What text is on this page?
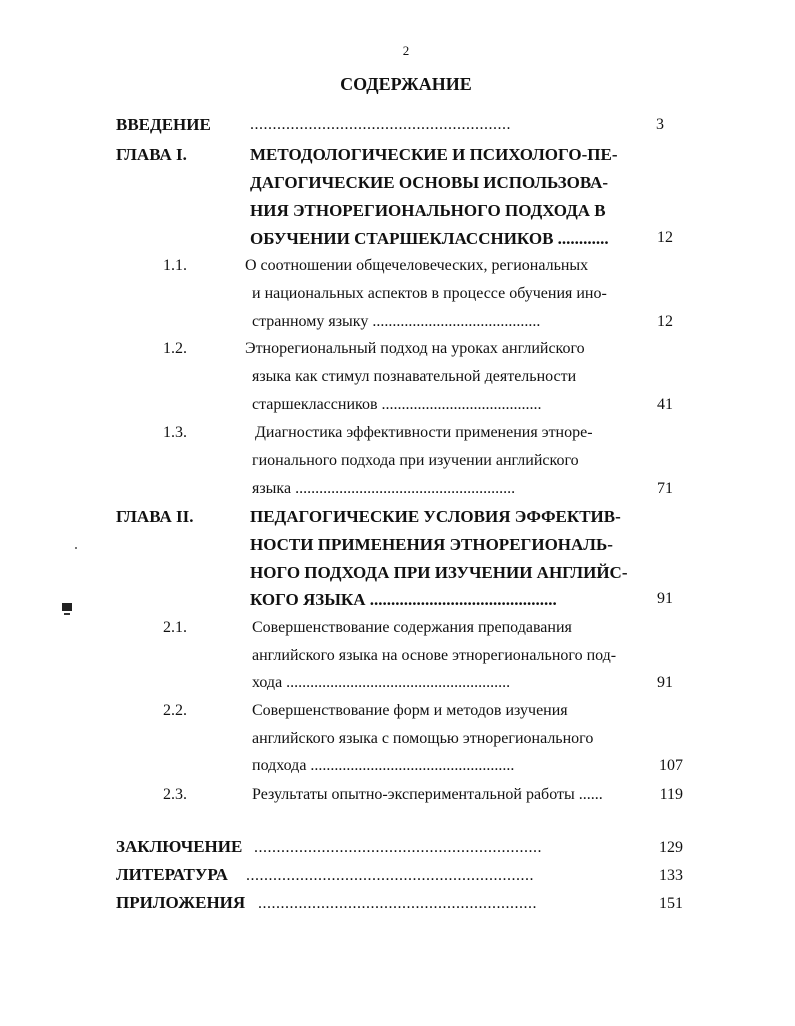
2
СОДЕРЖАНИЕ
ВВЕДЕНИЕ ..........................................................	3
ГЛАВА I.	МЕТОДОЛОГИЧЕСКИЕ И ПСИХОЛОГО-ПЕ-
ДАГОГИЧЕСКИЕ ОСНОВЫ ИСПОЛЬЗОВА-
НИЯ ЭТНОРЕГИОНАЛЬНОГО ПОДХОДА В
ОБУЧЕНИИ СТАРШЕКЛАССНИКОВ ............	12
1.1.	О соотношении общечеловеческих, региональных
и национальных аспектов в процессе обучения ино-
странному языку ..........................................	12
1.2.	Этнорегиональный подход на уроках английского
языка как стимул познавательной деятельности
старшеклассников ........................................	41
1.3.	Диагностика эффективности применения этноре-
гионального подхода при изучении английского
языка .......................................................	71
ГЛАВА II.	ПЕДАГОГИЧЕСКИЕ УСЛОВИЯ ЭФФЕКТИВ-
НОСТИ ПРИМЕНЕНИЯ ЭТНОРЕГИОНАЛЬ-
НОГО ПОДХОДА ПРИ ИЗУЧЕНИИ АНГЛИЙС-
КОГО ЯЗЫКА ............................................	91
2.1.	Совершенствование содержания преподавания
английского языка на основе этнорегионального под-
хода ........................................................	91
2.2.	Совершенствование форм и методов изучения
английского языка с помощью этнорегионального
подхода ...................................................	107
2.3.	Результаты опытно-экспериментальной работы ......	119
ЗАКЛЮЧЕНИЕ ................................................................	129
ЛИТЕРАТУРА ................................................................	133
ПРИЛОЖЕНИЯ ..............................................................	151
